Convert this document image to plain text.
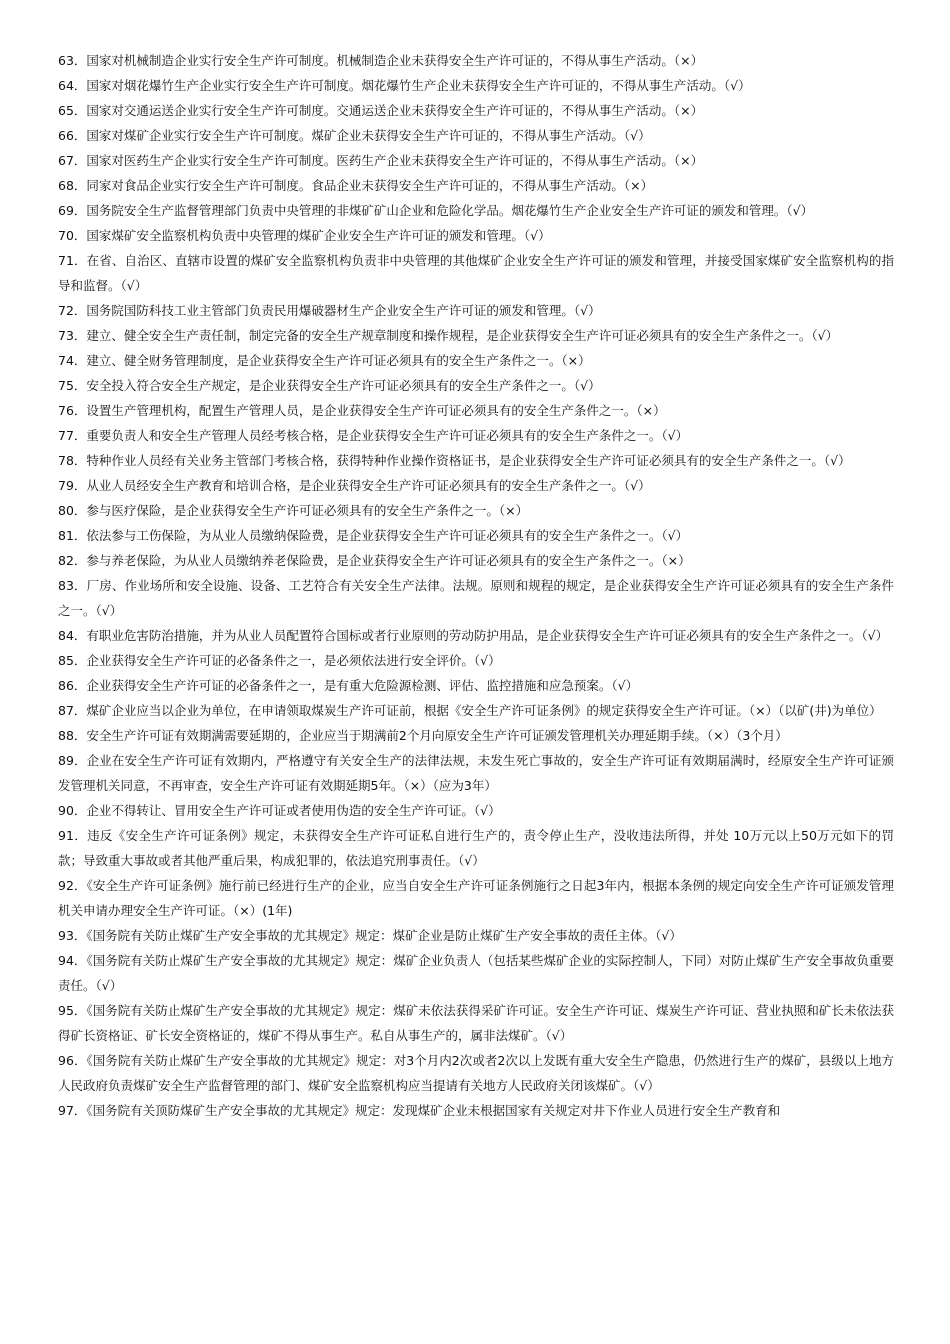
63．国家对机械制造企业实行安全生产许可制度。机械制造企业未获得安全生产许可证的，不得从事生产活动。（×）

64．国家对烟花爆竹生产企业实行安全生产许可制度。烟花爆竹生产企业未获得安全生产许可证的，不得从事生产活动。（√）

65．国家对交通运送企业实行安全生产许可制度。交通运送企业未获得安全生产许可证的，不得从事生产活动。（×）

66．国家对煤矿企业实行安全生产许可制度。煤矿企业未获得安全生产许可证的，不得从事生产活动。（√）

67．国家对医药生产企业实行安全生产许可制度。医药生产企业未获得安全生产许可证的，不得从事生产活动。（×）

68．同家对食品企业实行安全生产许可制度。食品企业未获得安全生产许可证的，不得从事生产活动。（×）

69．国务院安全生产监督管理部门负责中央管理的非煤矿矿山企业和危险化学品。烟花爆竹生产企业安全生产许可证的颁发和管理。（√）

70．国家煤矿安全监察机构负责中央管理的煤矿企业安全生产许可证的颁发和管理。（√）

71．在省、自治区、直辖市设置的煤矿安全监察机构负责非中央管理的其他煤矿企业安全生产许可证的颁发和管理，并接受国家煤矿安全监察机构的指导和监督。（√）

72．国务院国防科技工业主管部门负责民用爆破器材生产企业安全生产许可证的颁发和管理。（√）

73．建立、健全安全生产责任制，制定完备的安全生产规章制度和操作规程，是企业获得安全生产许可证必须具有的安全生产条件之一。（√）

74．建立、健全财务管理制度，是企业获得安全生产许可证必须具有的安全生产条件之一。（×）

75．安全投入符合安全生产规定，是企业获得安全生产许可证必须具有的安全生产条件之一。（√）

76．设置生产管理机构，配置生产管理人员，是企业获得安全生产许可证必须具有的安全生产条件之一。（×）

77．重要负责人和安全生产管理人员经考核合格，是企业获得安全生产许可证必须具有的安全生产条件之一。（√）

78．特种作业人员经有关业务主管部门考核合格，获得特种作业操作资格证书，是企业获得安全生产许可证必须具有的安全生产条件之一。（√）

79．从业人员经安全生产教育和培训合格，是企业获得安全生产许可证必须具有的安全生产条件之一。（√）

80．参与医疗保险，是企业获得安全生产许可证必须具有的安全生产条件之一。（×）

81．依法参与工伤保险，为从业人员缴纳保险费，是企业获得安全生产许可证必须具有的安全生产条件之一。（√）

82．参与养老保险，为从业人员缴纳养老保险费，是企业获得安全生产许可证必须具有的安全生产条件之一。（×）

83．厂房、作业场所和安全设施、设备、工艺符合有关安全生产法律。法规。原则和规程的规定，是企业获得安全生产许可证必须具有的安全生产条件之一。（√）

84．有职业危害防治措施，并为从业人员配置符合国标或者行业原则的劳动防护用品，是企业获得安全生产许可证必须具有的安全生产条件之一。（√）

85．企业获得安全生产许可证的必备条件之一，是必须依法进行安全评价。（√）

86．企业获得安全生产许可证的必备条件之一，是有重大危险源检测、评估、监控措施和应急预案。（√）

87．煤矿企业应当以企业为单位，在申请领取煤炭生产许可证前，根据《安全生产许可证条例》的规定获得安全生产许可证。（×）（以矿(井)为单位）

88．安全生产许可证有效期满需要延期的，企业应当于期满前2个月向原安全生产许可证颁发管理机关办理延期手续。（×）（3个月）

89．企业在安全生产许可证有效期内，严格遵守有关安全生产的法律法规，未发生死亡事故的，安全生产许可证有效期届满时，经原安全生产许可证颁发管理机关同意，不再审查，安全生产许可证有效期延期5年。（×）（应为3年）

90．企业不得转让、冒用安全生产许可证或者使用伪造的安全生产许可证。（√）

91．违反《安全生产许可证条例》规定，未获得安全生产许可证私自进行生产的，责令停止生产，没收违法所得，并处 10万元以上50万元如下的罚款；导致重大事故或者其他严重后果，构成犯罪的，依法追究刑事责任。（√）

92．《安全生产许可证条例》施行前已经进行生产的企业，应当自安全生产许可证条例施行之日起3年内，根据本条例的规定向安全生产许可证颁发管理机关申请办理安全生产许可证。（×）(1年)

93．《国务院有关防止煤矿生产安全事故的尤其规定》规定：煤矿企业是防止煤矿生产安全事故的责任主体。（√）

94．《国务院有关防止煤矿生产安全事故的尤其规定》规定：煤矿企业负责人（包括某些煤矿企业的实际控制人，下同）对防止煤矿生产安全事故负重要责任。（√）

95．《国务院有关防止煤矿生产安全事故的尤其规定》规定：煤矿未依法获得采矿许可证。安全生产许可证、煤炭生产许可证、营业执照和矿长未依法获得矿长资格证、矿长安全资格证的，煤矿不得从事生产。私自从事生产的，属非法煤矿。（√）

96．《国务院有关防止煤矿生产安全事故的尤其规定》规定：对3个月内2次或者2次以上发既有重大安全生产隐患，仍然进行生产的煤矿，县级以上地方人民政府负责煤矿安全生产监督管理的部门、煤矿安全监察机构应当提请有关地方人民政府关闭该煤矿。（√）

97．《国务院有关顶防煤矿生产安全事故的尤其规定》规定：发现煤矿企业未根据国家有关规定对井下作业人员进行安全生产教育和
